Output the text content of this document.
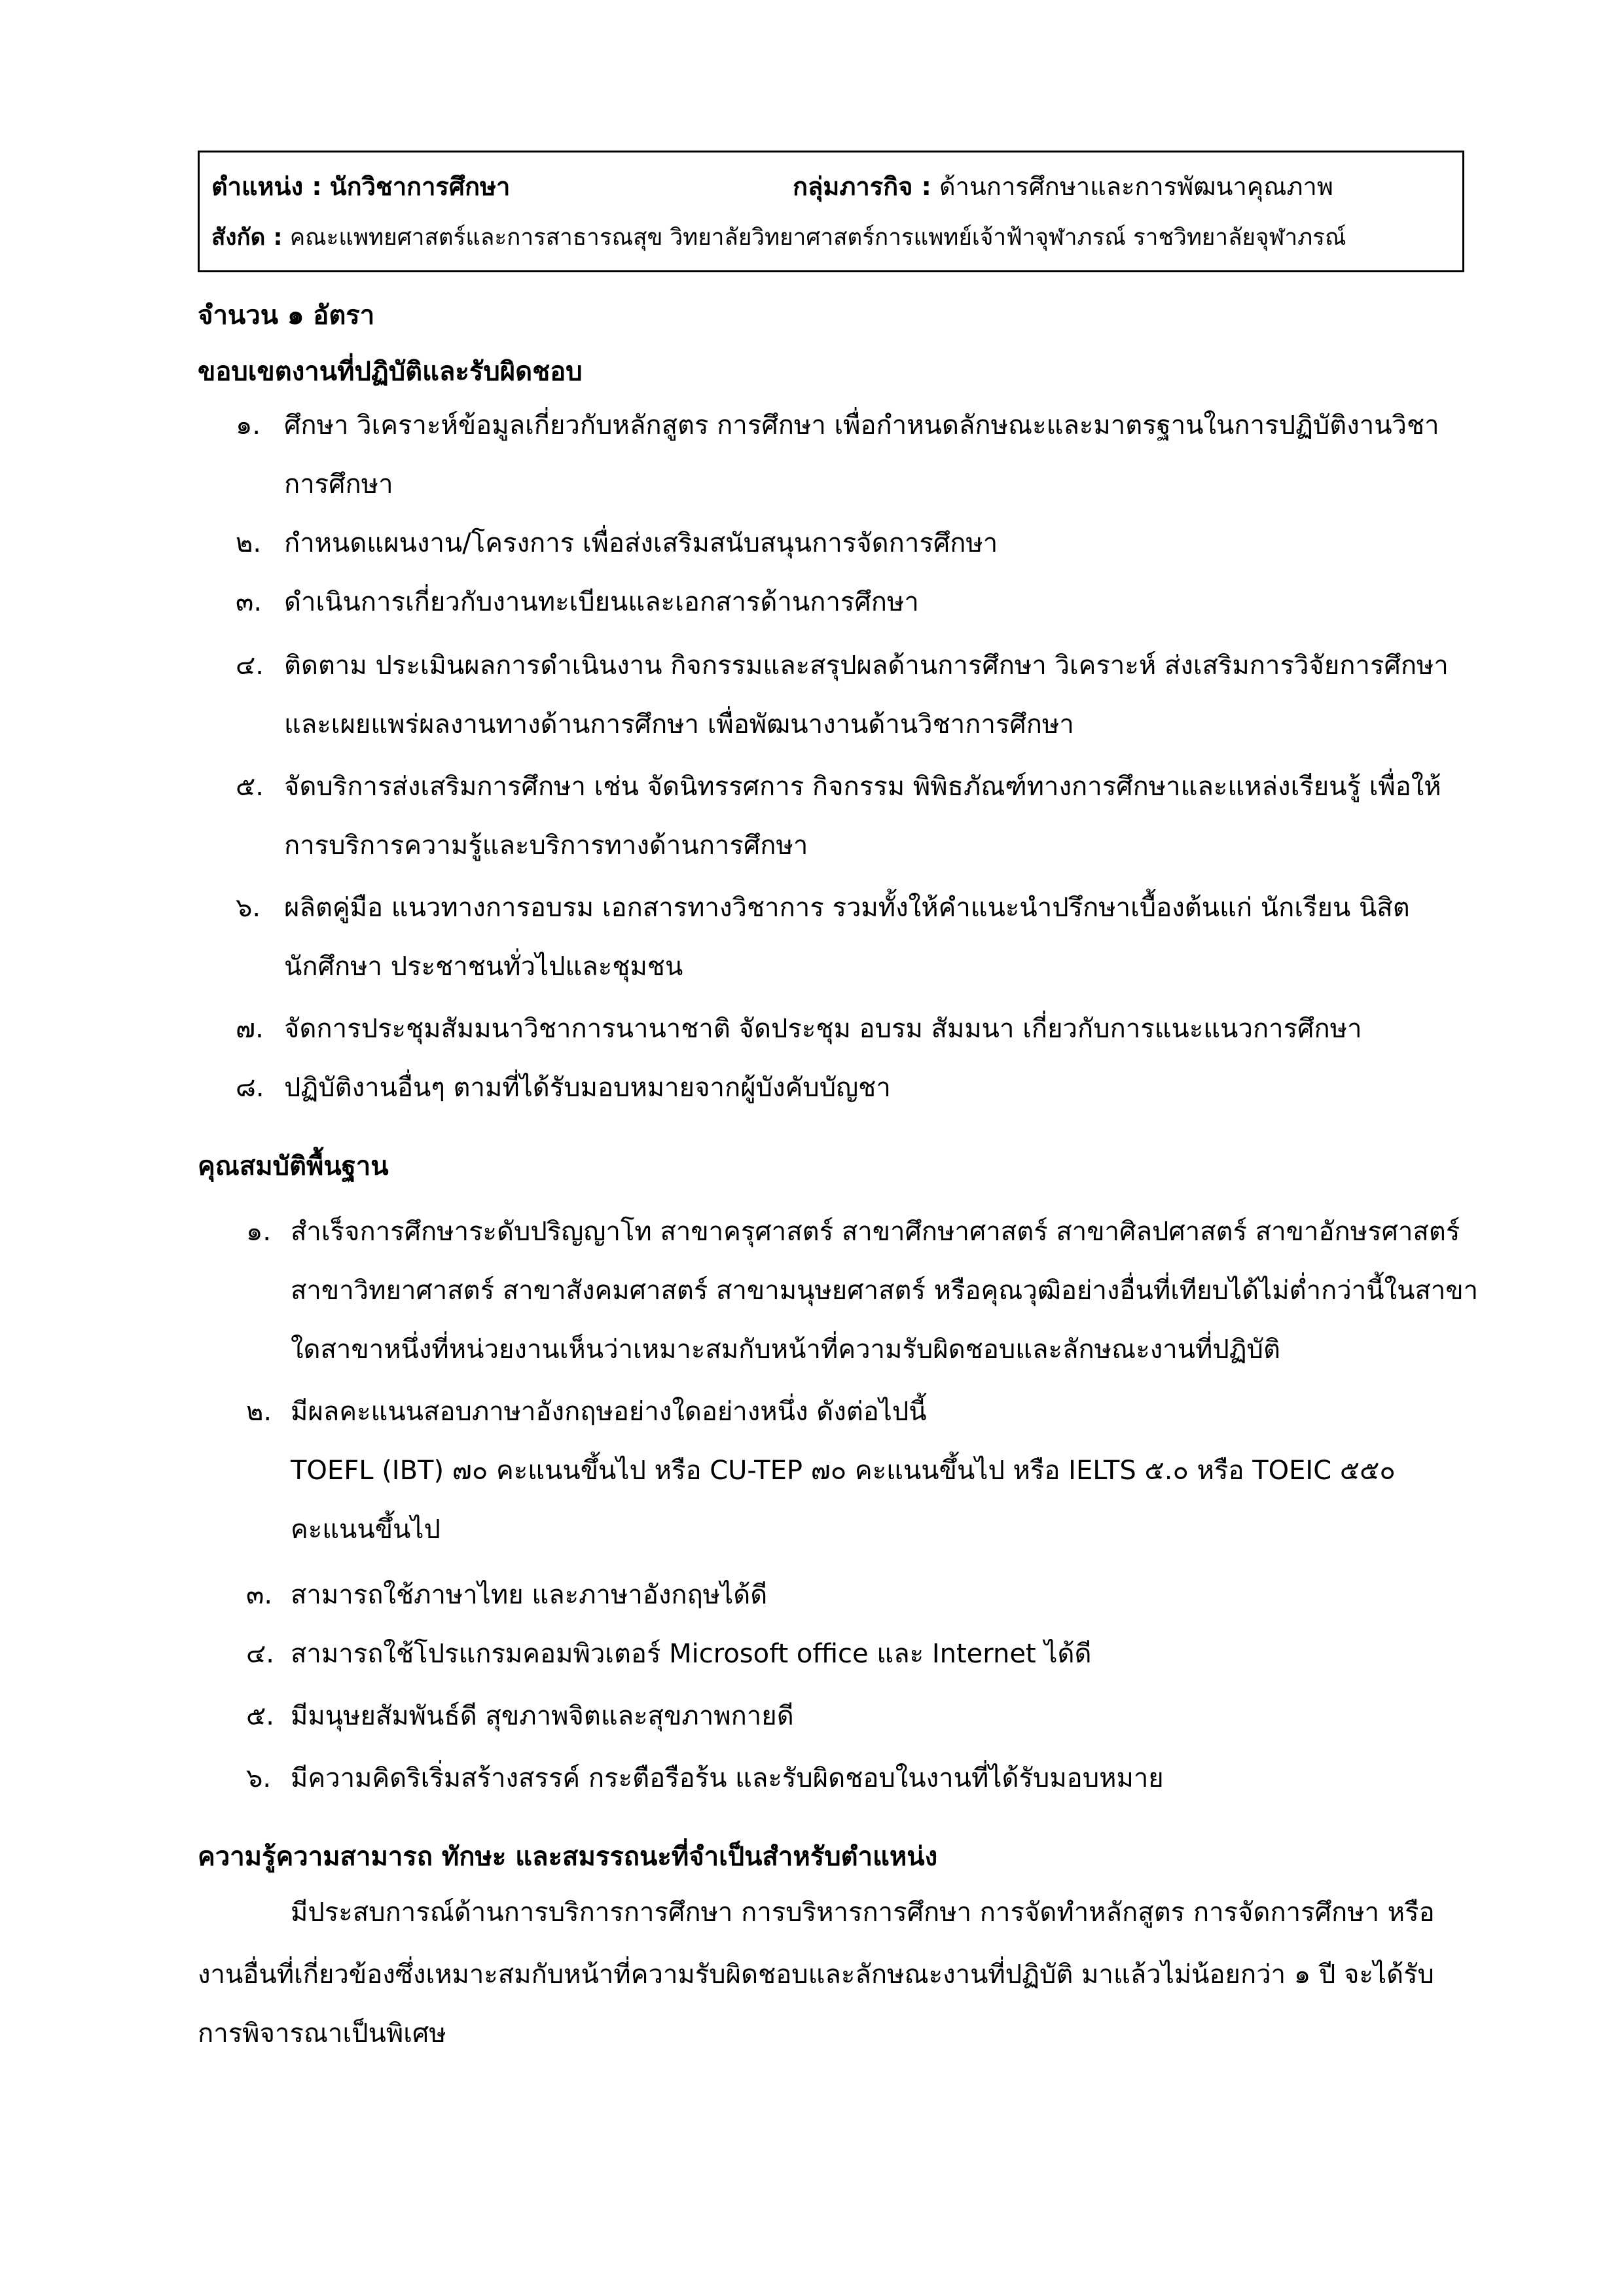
ตำแหน่ง : นักวิชาการศึกษา	กลุ่มภารกิจ : ด้านการศึกษาและการพัฒนาคุณภาพ
สังกัด : คณะแพทยศาสตร์และการสาธารณสุข วิทยาลัยวิทยาศาสตร์การแพทย์เจ้าฟ้าจุฬาภรณ์ ราชวิทยาลัยจุฬาภรณ์
จำนวน ๑ อัตรา
ขอบเขตงานที่ปฏิบัติและรับผิดชอบ
๑. ศึกษา วิเคราะห์ข้อมูลเกี่ยวกับหลักสูตร การศึกษา เพื่อกำหนดลักษณะและมาตรฐานในการปฏิบัติงานวิชา
การศึกษา
๒. กำหนดแผนงาน/โครงการ เพื่อส่งเสริมสนับสนุนการจัดการศึกษา
๓. ดำเนินการเกี่ยวกับงานทะเบียนและเอกสารด้านการศึกษา
๔. ติดตาม ประเมินผลการดำเนินงาน กิจกรรมและสรุปผลด้านการศึกษา วิเคราะห์ ส่งเสริมการวิจัยการศึกษา
และเผยแพร่ผลงานทางด้านการศึกษา เพื่อพัฒนางานด้านวิชาการศึกษา
๕. จัดบริการส่งเสริมการศึกษา เช่น จัดนิทรรศการ กิจกรรม พิพิธภัณฑ์ทางการศึกษาและแหล่งเรียนรู้ เพื่อให้
การบริการความรู้และบริการทางด้านการศึกษา
๖. ผลิตคู่มือ แนวทางการอบรม เอกสารทางวิชาการ รวมทั้งให้คำแนะนำปรึกษาเบื้องต้นแก่ นักเรียน นิสิต
นักศึกษา ประชาชนทั่วไปและชุมชน
๗. จัดการประชุมสัมมนาวิชาการนานาชาติ จัดประชุม อบรม สัมมนา เกี่ยวกับการแนะแนวการศึกษา
๘. ปฏิบัติงานอื่นๆ ตามที่ได้รับมอบหมายจากผู้บังคับบัญชา
คุณสมบัติพื้นฐาน
๑. สำเร็จการศึกษาระดับปริญญาโท สาขาครุศาสตร์ สาขาศึกษาศาสตร์ สาขาศิลปศาสตร์ สาขาอักษรศาสตร์
สาขาวิทยาศาสตร์ สาขาสังคมศาสตร์ สาขามนุษยศาสตร์ หรือคุณวุฒิอย่างอื่นที่เทียบได้ไม่ต่ำกว่านี้ในสาขา
ใดสาขาหนึ่งที่หน่วยงานเห็นว่าเหมาะสมกับหน้าที่ความรับผิดชอบและลักษณะงานที่ปฏิบัติ
๒. มีผลคะแนนสอบภาษาอังกฤษอย่างใดอย่างหนึ่ง ดังต่อไปนี้
TOEFL (IBT) ๗๐ คะแนนขึ้นไป หรือ CU-TEP ๗๐ คะแนนขึ้นไป หรือ IELTS ๕.๐ หรือ TOEIC ๕๕๐
คะแนนขึ้นไป
๓. สามารถใช้ภาษาไทย และภาษาอังกฤษได้ดี
๔. สามารถใช้โปรแกรมคอมพิวเตอร์ Microsoft office และ Internet ได้ดี
๕. มีมนุษยสัมพันธ์ดี สุขภาพจิตและสุขภาพกายดี
๖. มีความคิดริเริ่มสร้างสรรค์ กระตือรือร้น และรับผิดชอบในงานที่ได้รับมอบหมาย
ความรู้ความสามารถ ทักษะ และสมรรถนะที่จำเป็นสำหรับตำแหน่ง
มีประสบการณ์ด้านการบริการการศึกษา การบริหารการศึกษา การจัดทำหลักสูตร การจัดการศึกษา หรือ
งานอื่นที่เกี่ยวข้องซึ่งเหมาะสมกับหน้าที่ความรับผิดชอบและลักษณะงานที่ปฏิบัติ มาแล้วไม่น้อยกว่า ๑ ปี จะได้รับ
การพิจารณาเป็นพิเศษ
